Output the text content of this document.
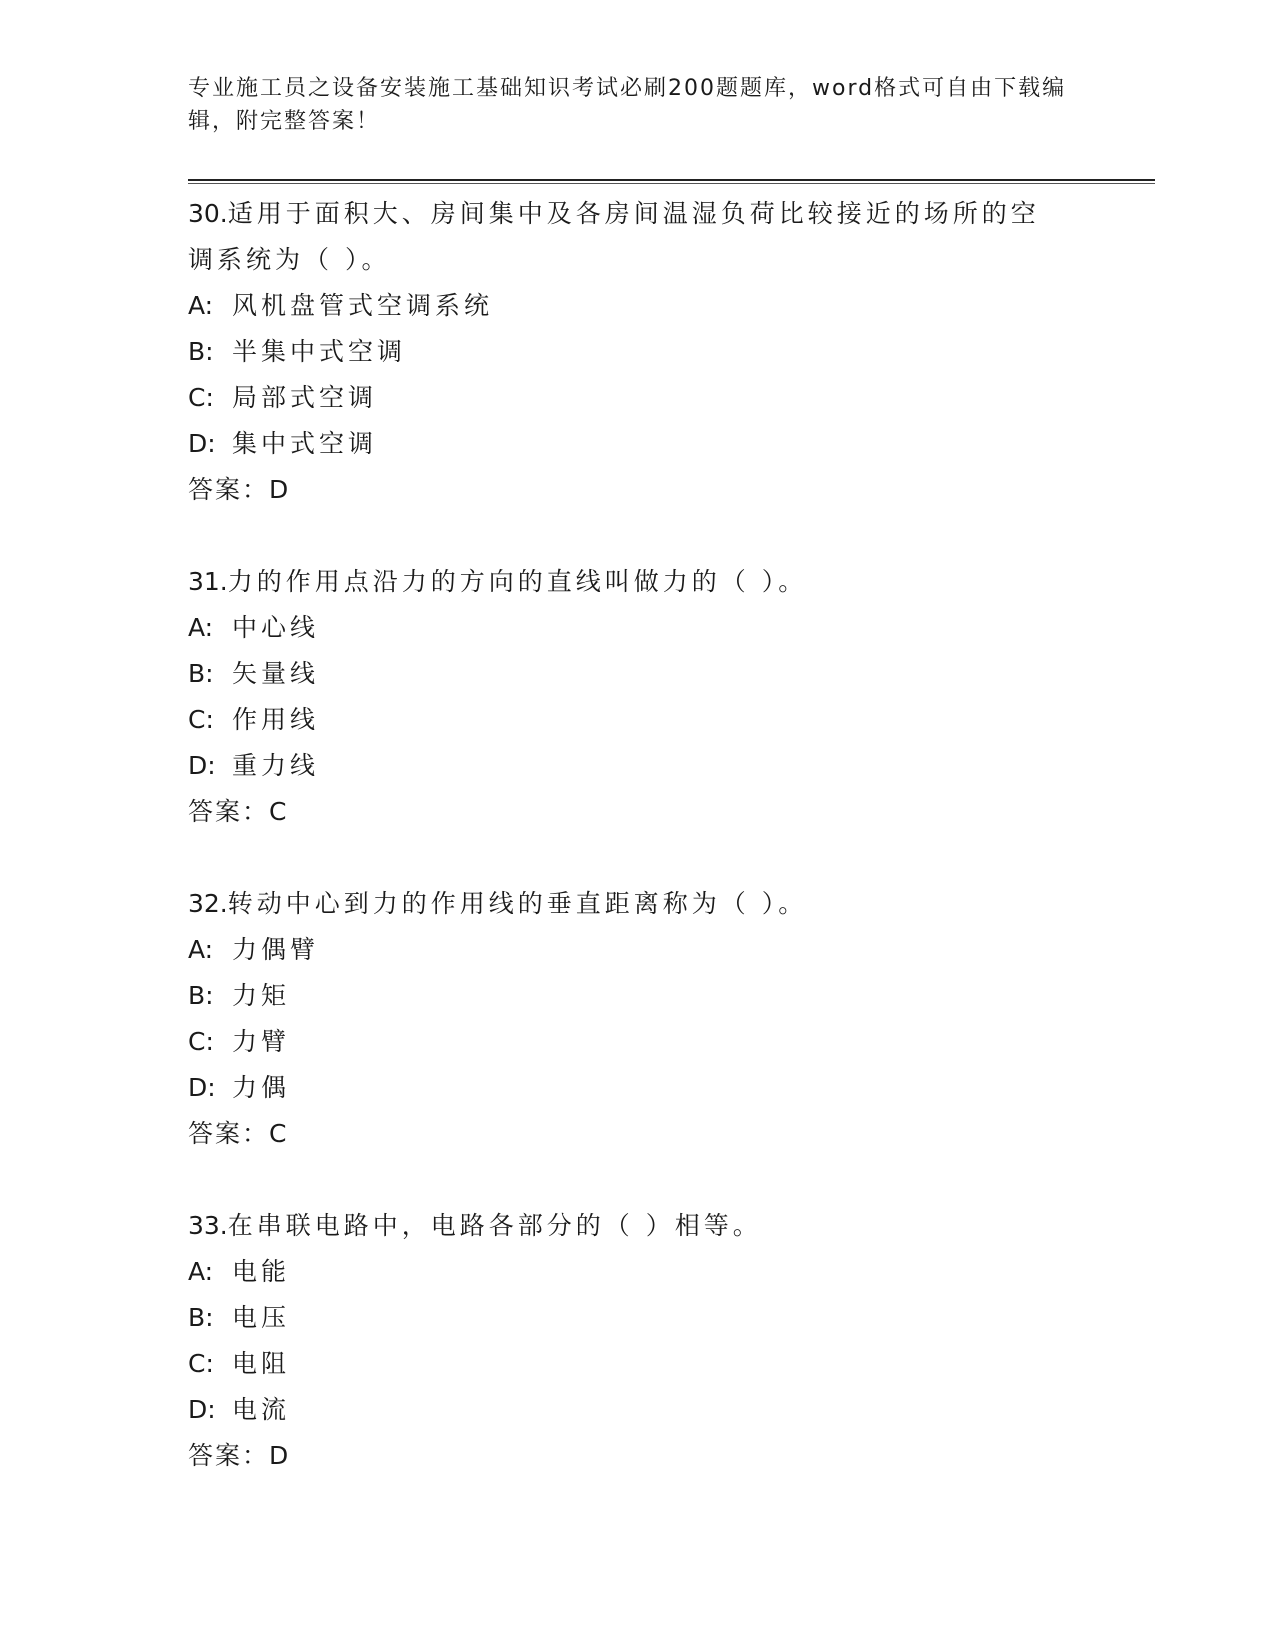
专业施工员之设备安装施工基础知识考试必刷200题题库，word格式可自由下载编辑，附完整答案！
30.适用于面积大、房间集中及各房间温湿负荷比较接近的场所的空调系统为（ ）。
A: 风机盘管式空调系统
B: 半集中式空调
C: 局部式空调
D: 集中式空调
答案：D
31.力的作用点沿力的方向的直线叫做力的（ ）。
A: 中心线
B: 矢量线
C: 作用线
D: 重力线
答案：C
32.转动中心到力的作用线的垂直距离称为（ ）。
A: 力偶臂
B: 力矩
C: 力臂
D: 力偶
答案：C
33.在串联电路中，电路各部分的（ ）相等。
A: 电能
B: 电压
C: 电阻
D: 电流
答案：D
